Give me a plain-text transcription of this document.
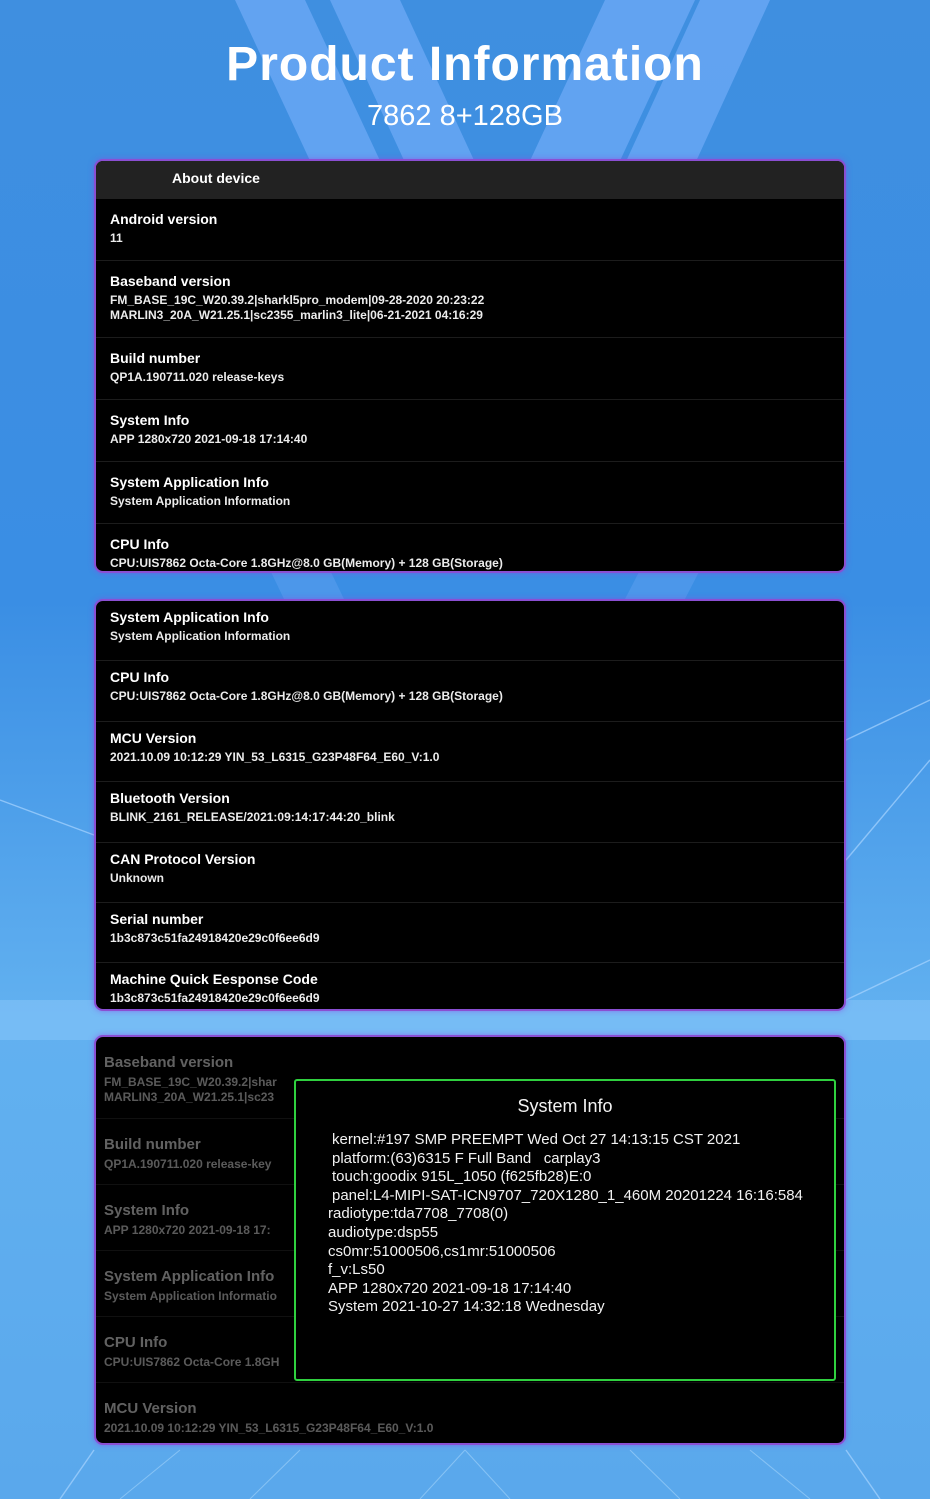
Product Information
7862 8+128GB
About device
Android version
11
Baseband version
FM_BASE_19C_W20.39.2|sharkl5pro_modem|09-28-2020 20:23:22
MARLIN3_20A_W21.25.1|sc2355_marlin3_lite|06-21-2021 04:16:29
Build number
QP1A.190711.020 release-keys
System Info
APP 1280x720 2021-09-18 17:14:40
System Application Info
System Application Information
CPU Info
CPU:UIS7862 Octa-Core 1.8GHz@8.0 GB(Memory) + 128 GB(Storage)
System Application Info
System Application Information
CPU Info
CPU:UIS7862 Octa-Core 1.8GHz@8.0 GB(Memory) + 128 GB(Storage)
MCU Version
2021.10.09 10:12:29 YIN_53_L6315_G23P48F64_E60_V:1.0
Bluetooth Version
BLINK_2161_RELEASE/2021:09:14:17:44:20_blink
CAN Protocol Version
Unknown
Serial number
1b3c873c51fa24918420e29c0f6ee6d9
Machine Quick Eesponse Code
1b3c873c51fa24918420e29c0f6ee6d9
Baseband version
FM_BASE_19C_W20.39.2|shar
MARLIN3_20A_W21.25.1|sc23
Build number
QP1A.190711.020 release-key
System Info
APP 1280x720 2021-09-18 17:
System Application Info
System Application Informatio
CPU Info
CPU:UIS7862 Octa-Core 1.8GH
MCU Version
2021.10.09 10:12:29 YIN_53_L6315_G23P48F64_E60_V:1.0
System Info
kernel:#197 SMP PREEMPT Wed Oct 27 14:13:15 CST 2021
platform:(63)6315 F Full Band   carplay3
touch:goodix 915L_1050 (f625fb28)E:0
panel:L4-MIPI-SAT-ICN9707_720X1280_1_460M 20201224 16:16:584
radiotype:tda7708_7708(0)
audiotype:dsp55
cs0mr:51000506,cs1mr:51000506
f_v:Ls50
APP 1280x720 2021-09-18 17:14:40
System 2021-10-27 14:32:18 Wednesday
